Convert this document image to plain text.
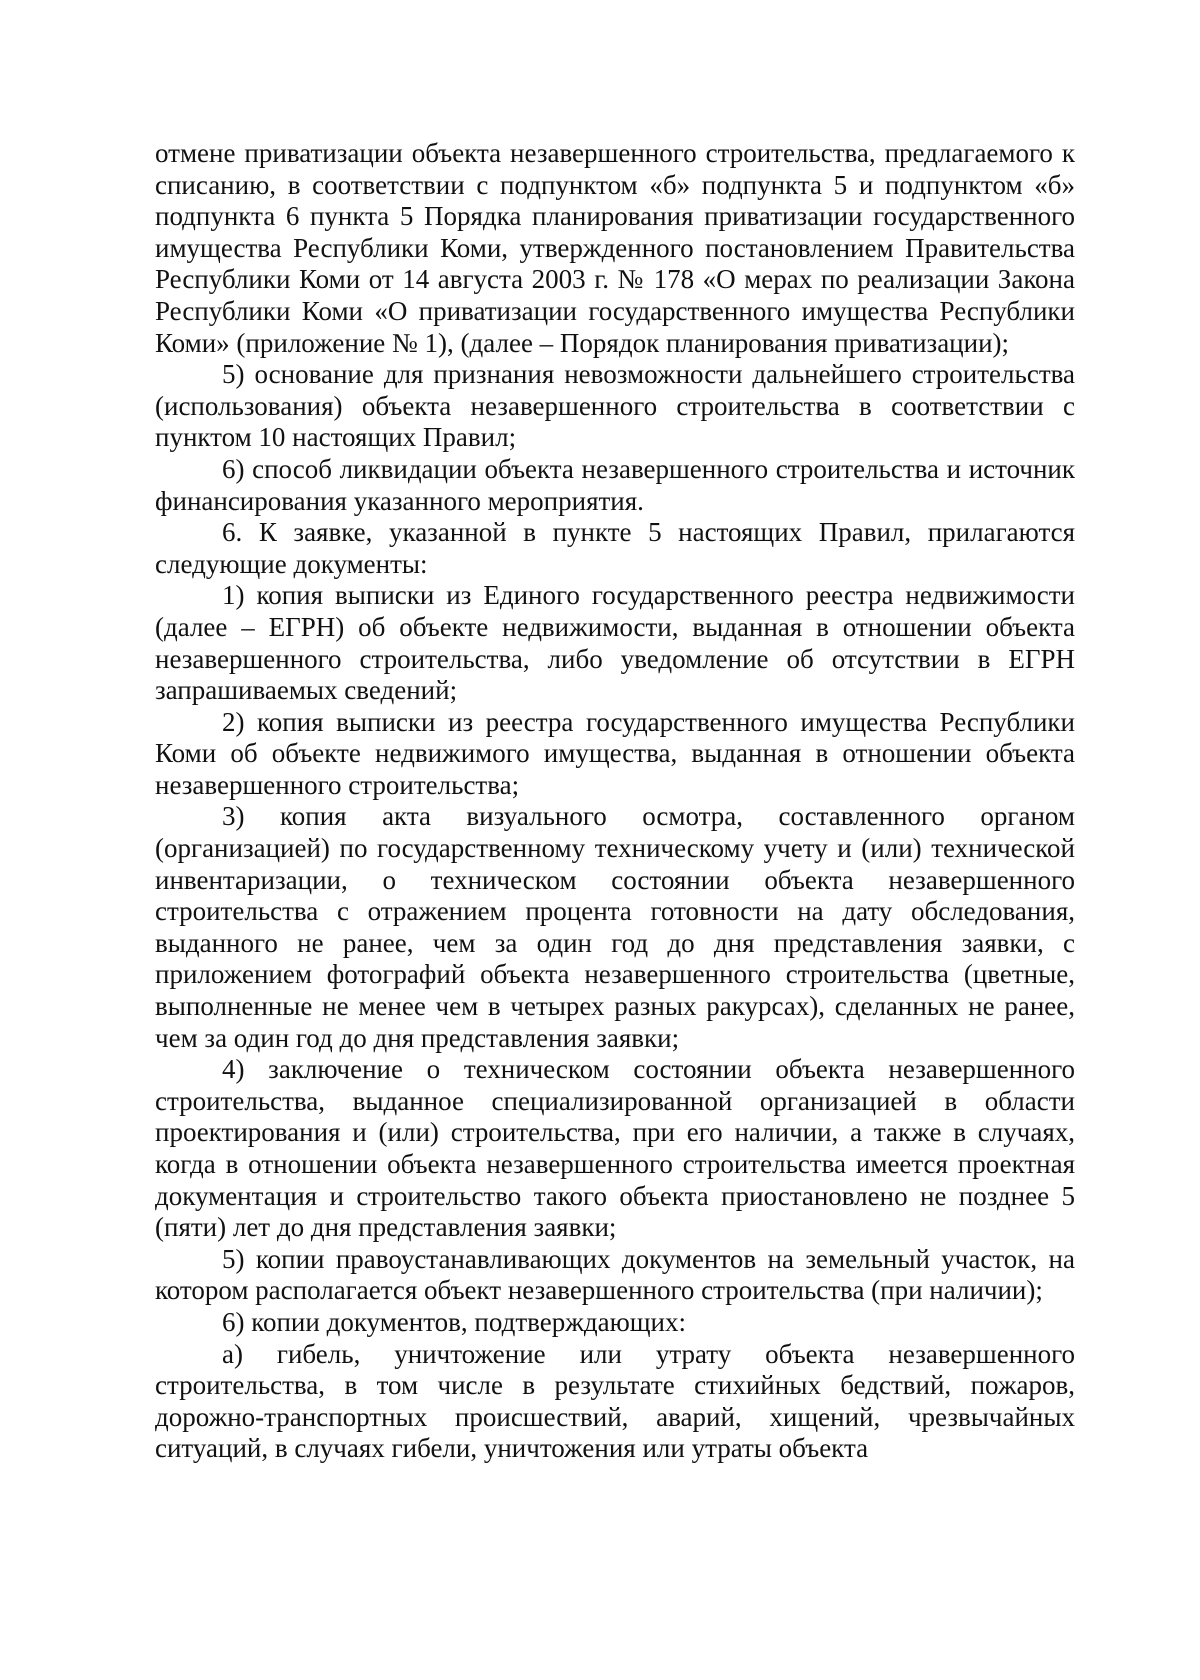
отмене приватизации объекта незавершенного строительства, предлагаемого к списанию, в соответствии с подпунктом «б» подпункта 5 и подпунктом «б» подпункта 6 пункта 5 Порядка планирования приватизации государственного имущества Республики Коми, утвержденного постановлением Правительства Республики Коми от 14 августа 2003 г. № 178 «О мерах по реализации Закона Республики Коми «О приватизации государственного имущества Республики Коми» (приложение № 1), (далее – Порядок планирования приватизации);

5) основание для признания невозможности дальнейшего строительства (использования) объекта незавершенного строительства в соответствии с пунктом 10 настоящих Правил;

6) способ ликвидации объекта незавершенного строительства и источник финансирования указанного мероприятия.

6. К заявке, указанной в пункте 5 настоящих Правил, прилагаются следующие документы:

1) копия выписки из Единого государственного реестра недвижимости (далее – ЕГРН) об объекте недвижимости, выданная в отношении объекта незавершенного строительства, либо уведомление об отсутствии в ЕГРН запрашиваемых сведений;

2) копия выписки из реестра государственного имущества Республики Коми об объекте недвижимого имущества, выданная в отношении объекта незавершенного строительства;

3) копия акта визуального осмотра, составленного органом (организацией) по государственному техническому учету и (или) технической инвентаризации, о техническом состоянии объекта незавершенного строительства с отражением процента готовности на дату обследования, выданного не ранее, чем за один год до дня представления заявки, с приложением фотографий объекта незавершенного строительства (цветные, выполненные не менее чем в четырех разных ракурсах), сделанных не ранее, чем за один год до дня представления заявки;

4) заключение о техническом состоянии объекта незавершенного строительства, выданное специализированной организацией в области проектирования и (или) строительства, при его наличии, а также в случаях, когда в отношении объекта незавершенного строительства имеется проектная документация и строительство такого объекта приостановлено не позднее 5 (пяти) лет до дня представления заявки;

5) копии правоустанавливающих документов на земельный участок, на котором располагается объект незавершенного строительства (при наличии);

6) копии документов, подтверждающих:

а) гибель, уничтожение или утрату объекта незавершенного строительства, в том числе в результате стихийных бедствий, пожаров, дорожно-транспортных происшествий, аварий, хищений, чрезвычайных ситуаций, в случаях гибели, уничтожения или утраты объекта
